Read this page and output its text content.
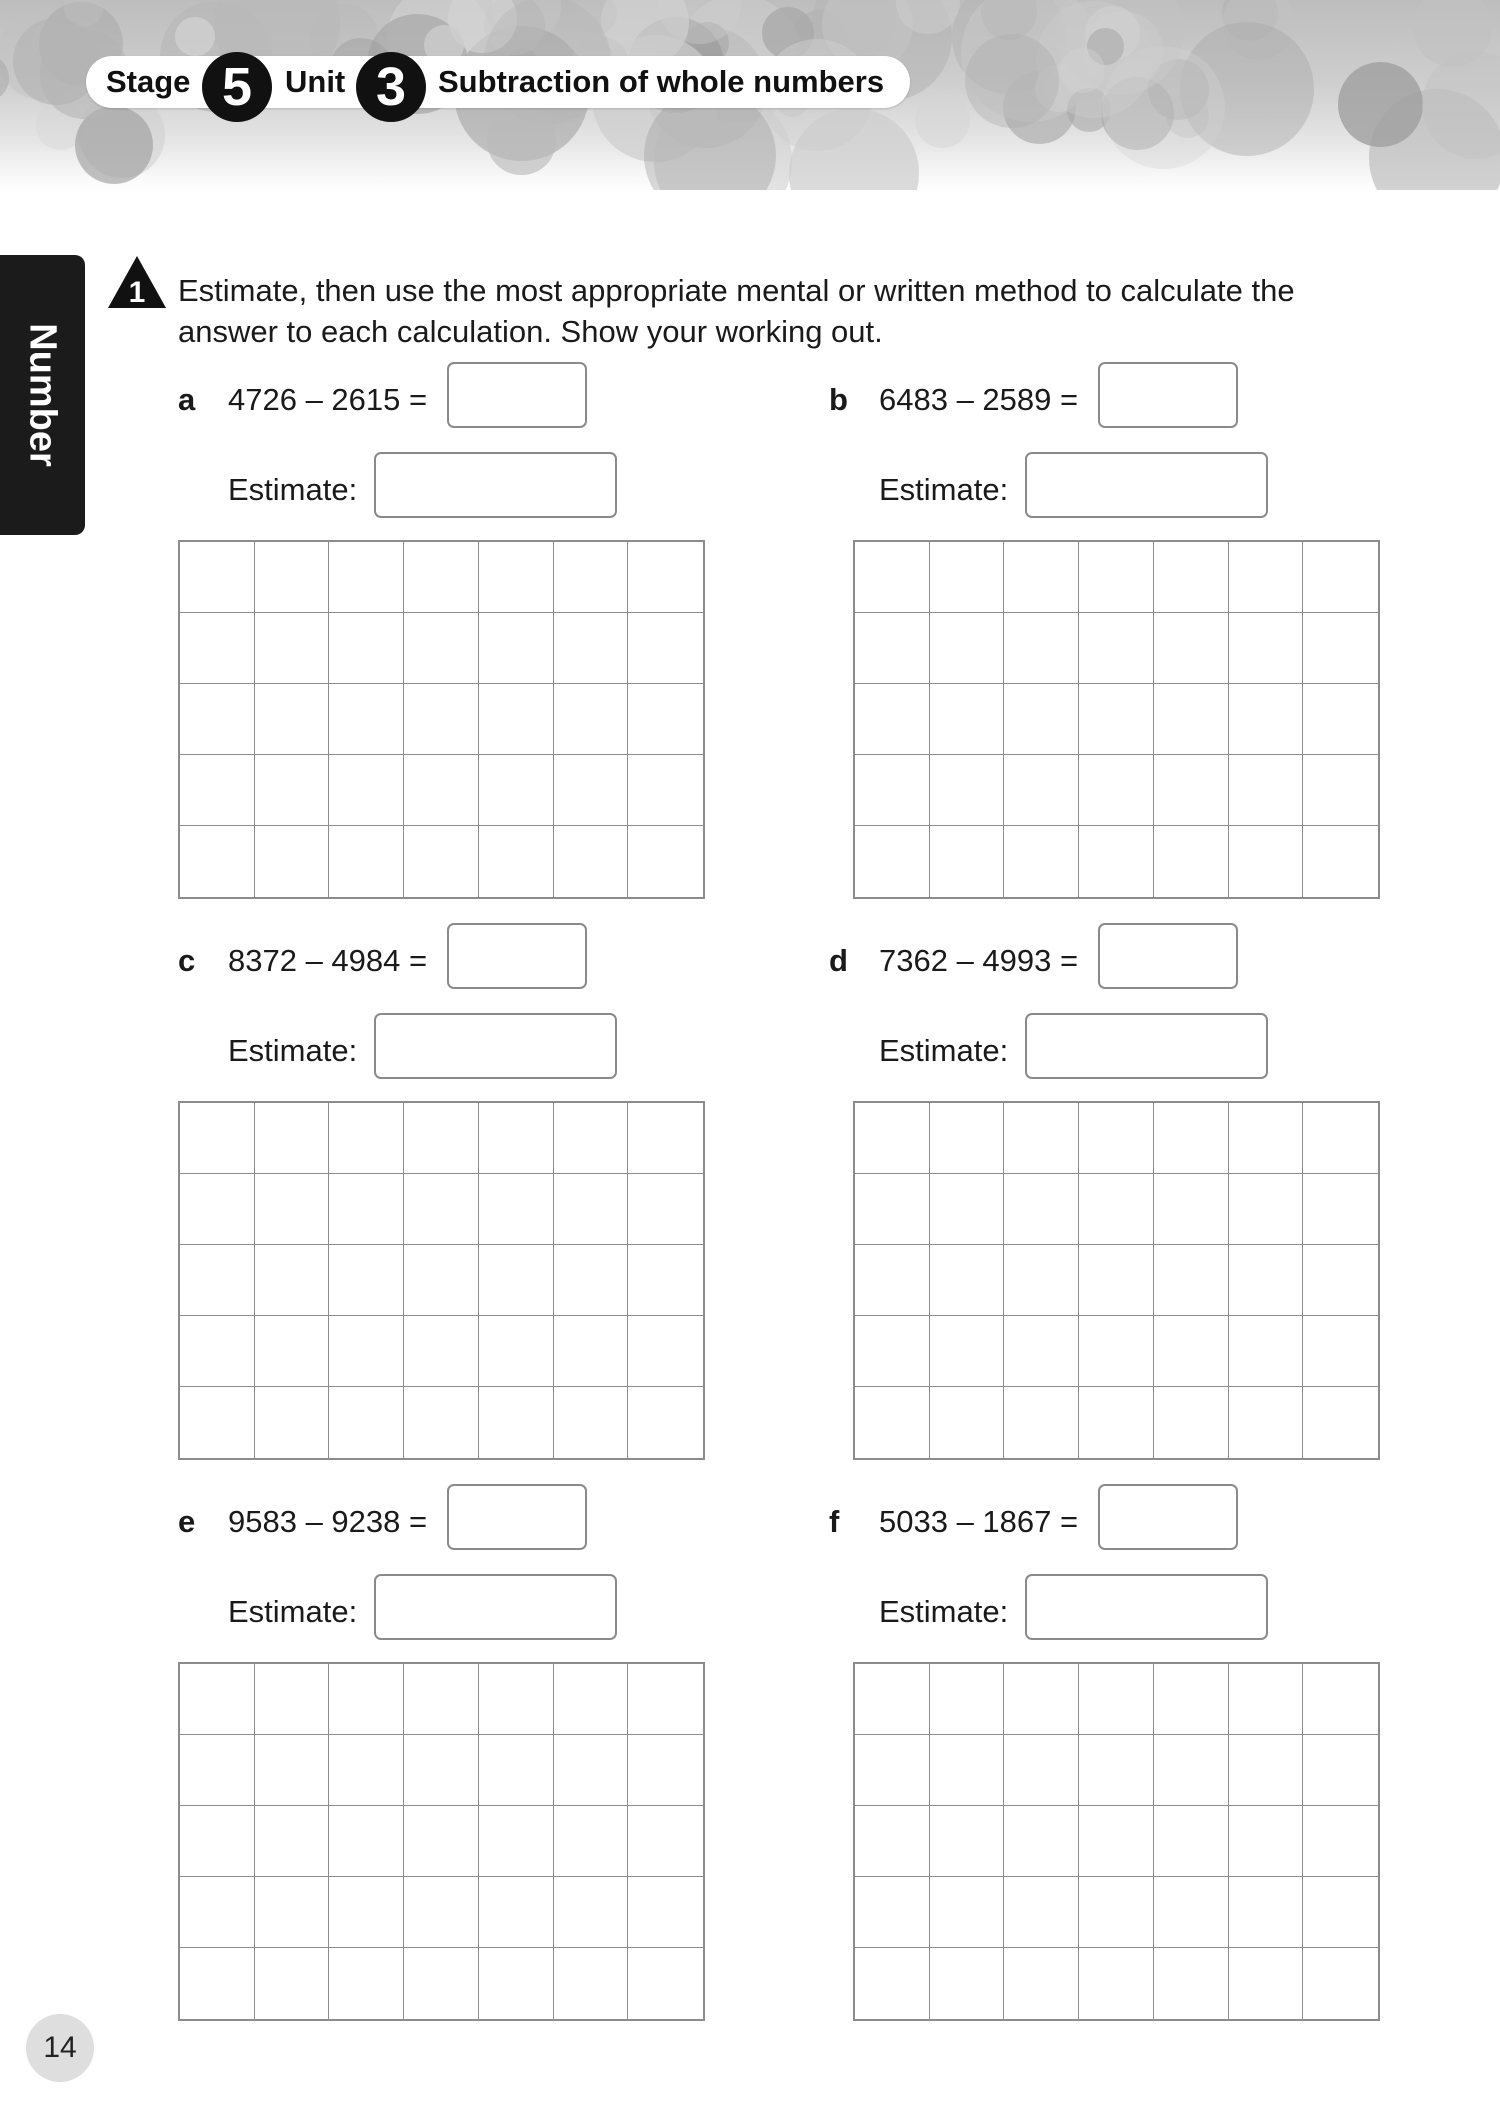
Stage 5	Unit 3	Subtraction of whole numbers
Number
1 Estimate, then use the most appropriate mental or written method to calculate the answer to each calculation. Show your working out.
a 4726 – 2615 =
Estimate:
b 6483 – 2589 =
Estimate:
c 8372 – 4984 =
Estimate:
d 7362 – 4993 =
Estimate:
e 9583 – 9238 =
Estimate:
f 5033 – 1867 =
Estimate:
14
